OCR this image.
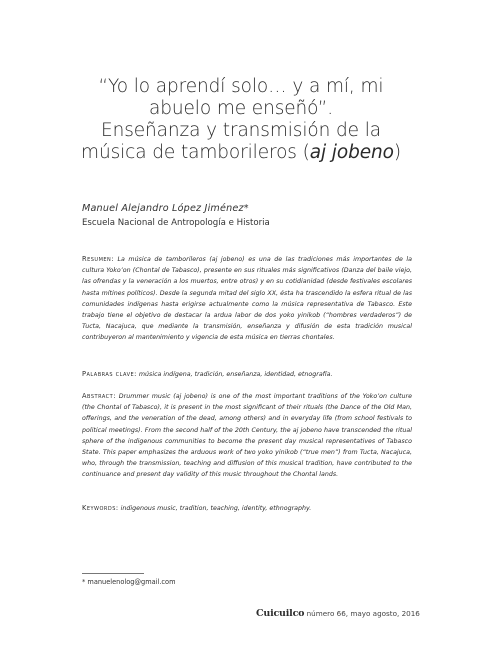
“Yo lo aprendí solo… y a mí, mi
abuelo me enseñó”.
Enseñanza y transmisión de la
música de tamborileros (aj jobeno)
Manuel Alejandro López Jiménez*
Escuela Nacional de Antropología e Historia

Resumen: La música de tamborileros (aj jobeno) es una de las tradiciones más importantes de la cultura Yoko’on (Chontal de Tabasco), presente en sus rituales más significativos (Danza del baile viejo, las ofrendas y la veneración a los muertos, entre otros) y en su cotidianidad (desde festivales escolares hasta mítines políticos). Desde la segunda mitad del siglo XX, ésta ha trascendido la esfera ritual de las comunidades indígenas hasta erigirse actualmente como la música representativa de Tabasco. Este trabajo tiene el objetivo de destacar la ardua labor de dos yoko yinikob (“hombres verdaderos”) de Tucta, Nacajuca, que mediante la transmisión, enseñanza y difusión de esta tradición musical contribuyeron al mantenimiento y vigencia de esta música en tierras chontales.

Palabras clave: música indígena, tradición, enseñanza, identidad, etnografía.

Abstract: Drummer music (aj jobeno) is one of the most important traditions of the Yoko’on culture (the Chontal of Tabasco), it is present in the most significant of their rituals (the Dance of the Old Man, offerings, and the veneration of the dead, among others) and in everyday life (from school festivals to political meetings). From the second half of the 20th Century, the aj jobeno have transcended the ritual sphere of the indigenous communities to become the present day musical representatives of Tabasco State. This paper emphasizes the arduous work of two yoko yinikob (“true men”) from Tucta, Nacajuca, who, through the transmission, teaching and diffusion of this musical tradition, have contributed to the continuance and present day validity of this music throughout the Chontal lands.

Keywords: indigenous music, tradition, teaching, identity, ethnography.

* manuelenolog@gmail.com
Cuicuilco número 66, mayo agosto, 2016
